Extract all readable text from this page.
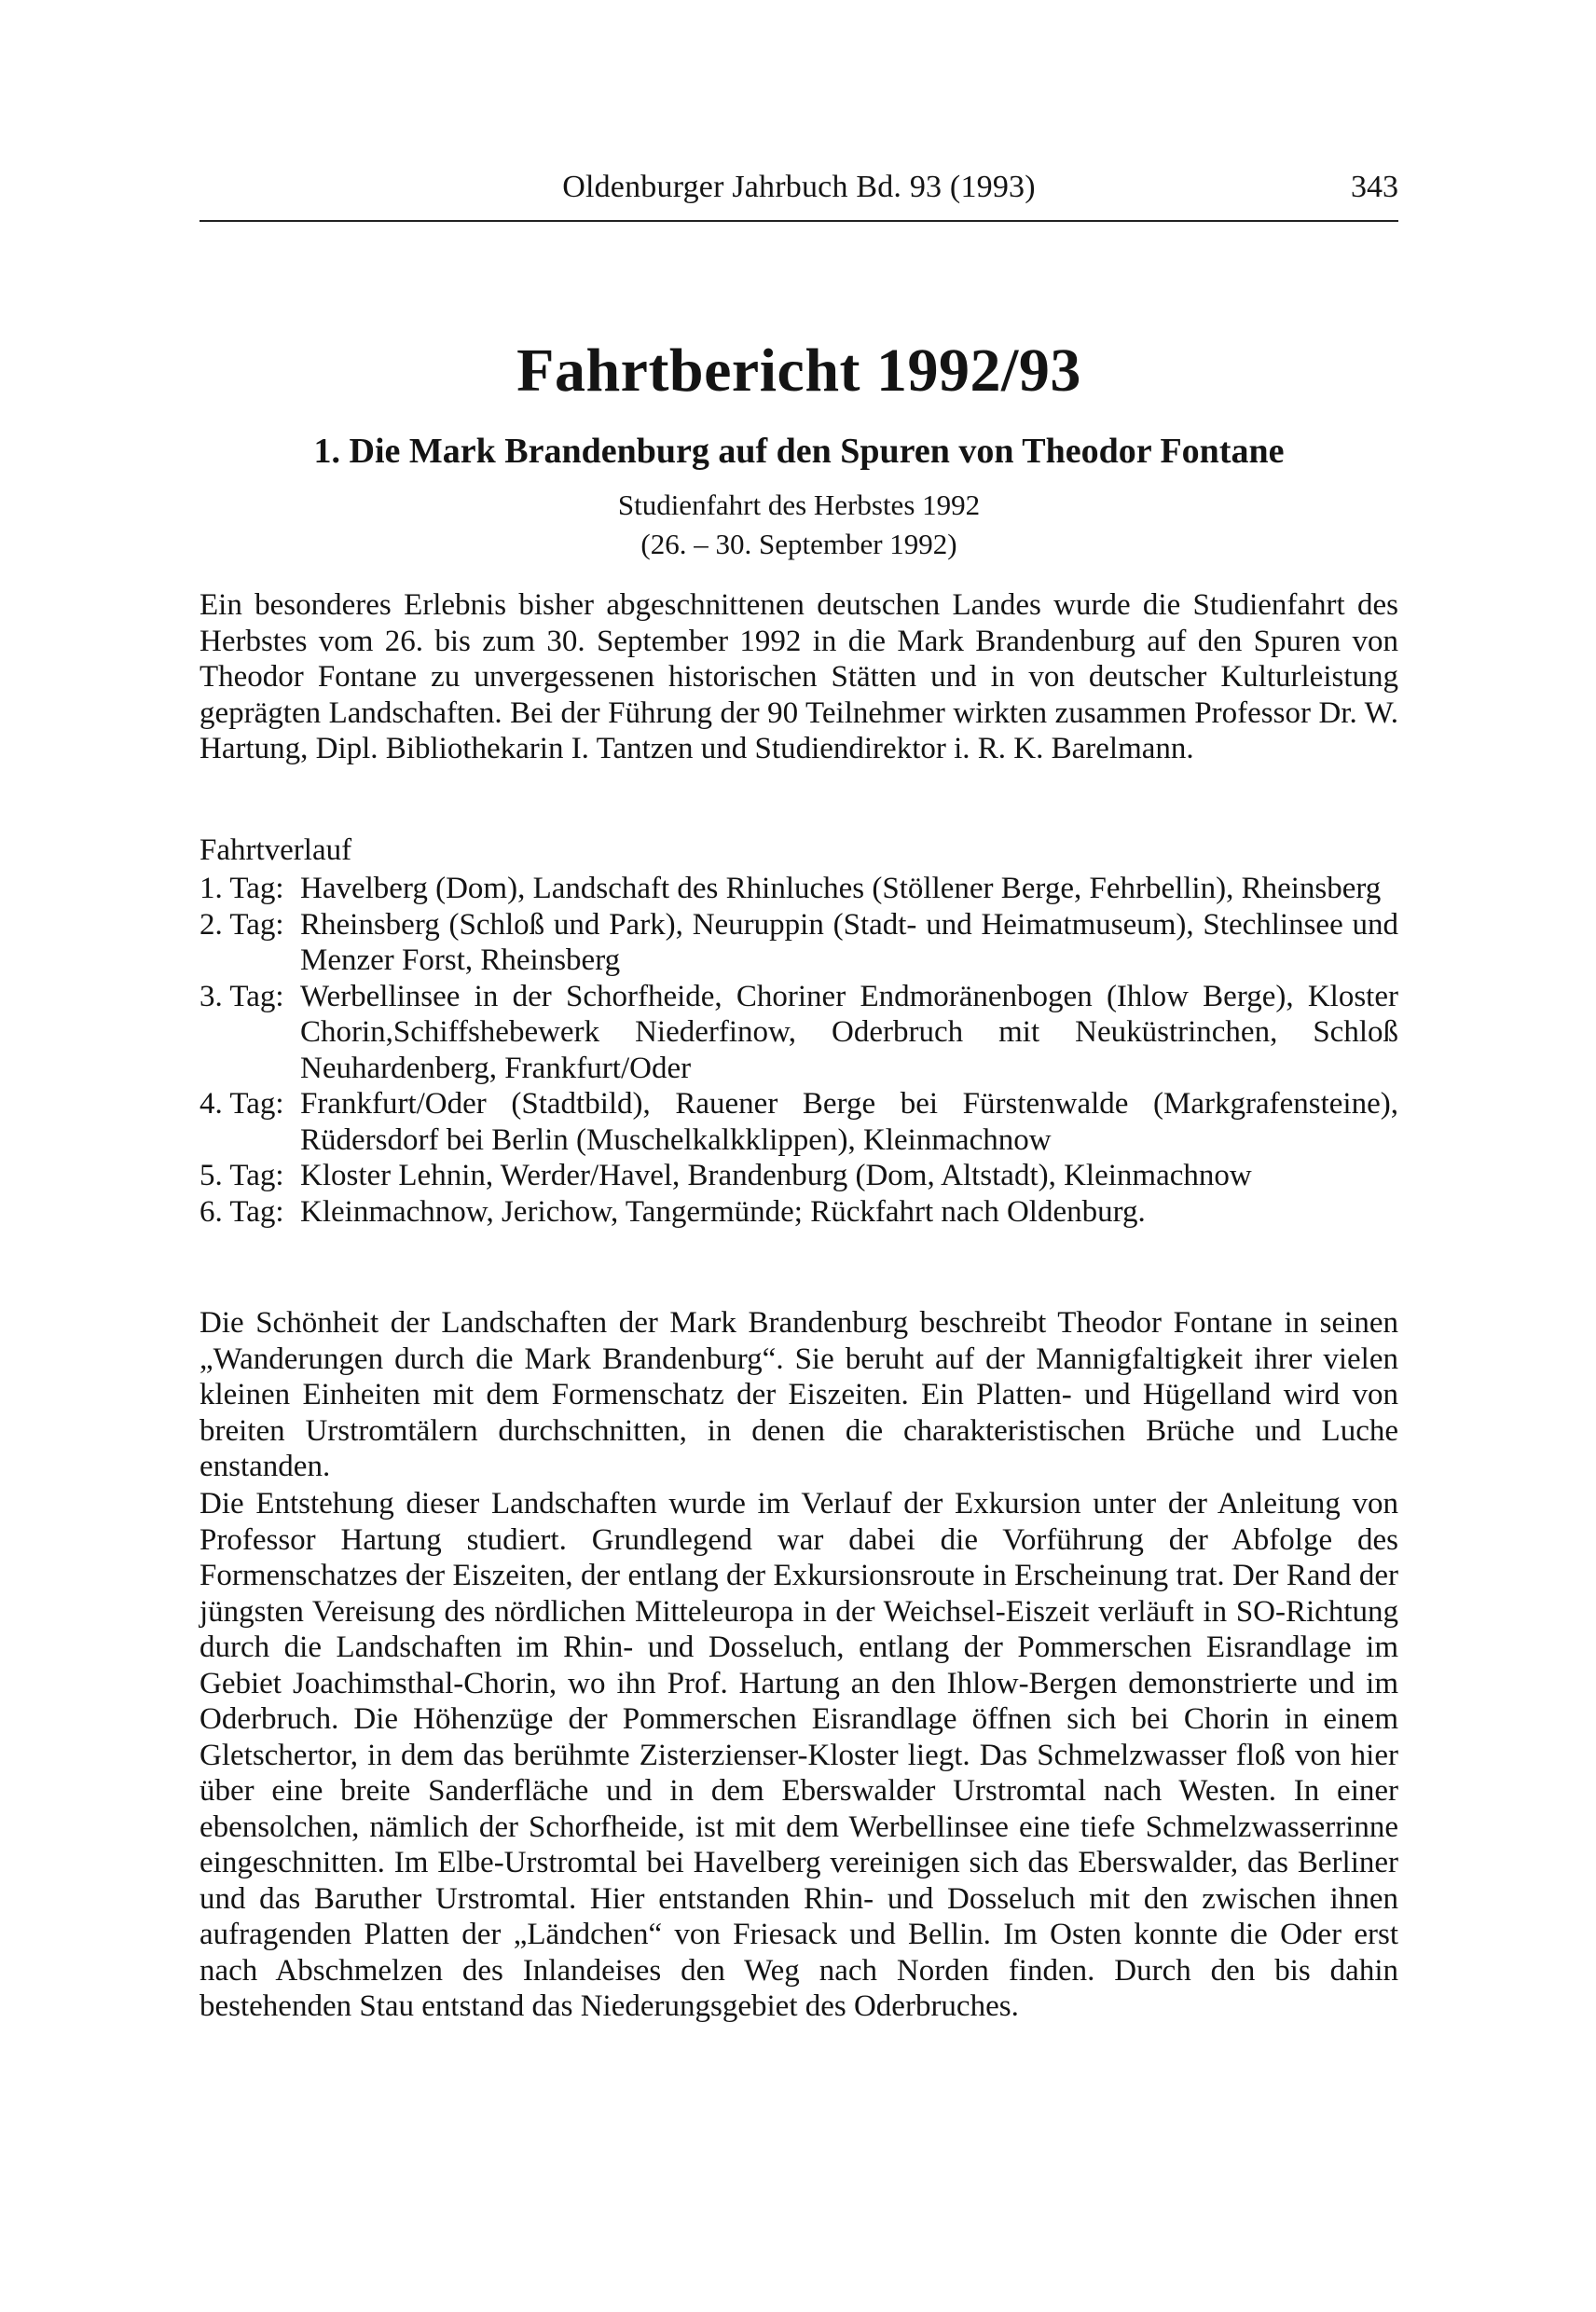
Oldenburger Jahrbuch Bd. 93 (1993)	343
Fahrtbericht 1992/93
1. Die Mark Brandenburg auf den Spuren von Theodor Fontane
Studienfahrt des Herbstes 1992
(26. – 30. September 1992)

Ein besonderes Erlebnis bisher abgeschnittenen deutschen Landes wurde die Studienfahrt des Herbstes vom 26. bis zum 30. September 1992 in die Mark Brandenburg auf den Spuren von Theodor Fontane zu unvergessenen historischen Stätten und in von deutscher Kulturleistung geprägten Landschaften. Bei der Führung der 90 Teilnehmer wirkten zusammen Professor Dr. W. Hartung, Dipl. Bibliothekarin I. Tantzen und Studiendirektor i. R. K. Barelmann.

Fahrtverlauf
1. Tag: Havelberg (Dom), Landschaft des Rhinluches (Stöllener Berge, Fehrbellin), Rheinsberg
2. Tag: Rheinsberg (Schloß und Park), Neuruppin (Stadt- und Heimatmuseum), Stechlinsee und Menzer Forst, Rheinsberg
3. Tag: Werbellinsee in der Schorfheide, Choriner Endmoränenbogen (Ihlow Berge), Kloster Chorin,Schiffshebewerk Niederfinow, Oderbruch mit Neuküstrinchen, Schloß Neuhardenberg, Frankfurt/Oder
4. Tag: Frankfurt/Oder (Stadtbild), Rauener Berge bei Fürstenwalde (Markgrafensteine), Rüdersdorf bei Berlin (Muschelkalkklippen), Kleinmachnow
5. Tag: Kloster Lehnin, Werder/Havel, Brandenburg (Dom, Altstadt), Kleinmachnow
6. Tag: Kleinmachnow, Jerichow, Tangermünde; Rückfahrt nach Oldenburg.

Die Schönheit der Landschaften der Mark Brandenburg beschreibt Theodor Fontane in seinen „Wanderungen durch die Mark Brandenburg“. Sie beruht auf der Mannigfaltigkeit ihrer vielen kleinen Einheiten mit dem Formenschatz der Eiszeiten. Ein Platten- und Hügelland wird von breiten Urstromtälern durchschnitten, in denen die charakteristischen Brüche und Luche enstanden.

Die Entstehung dieser Landschaften wurde im Verlauf der Exkursion unter der Anleitung von Professor Hartung studiert. Grundlegend war dabei die Vorführung der Abfolge des Formenschatzes der Eiszeiten, der entlang der Exkursionsroute in Erscheinung trat. Der Rand der jüngsten Vereisung des nördlichen Mitteleuropa in der Weichsel-Eiszeit verläuft in SO-Richtung durch die Landschaften im Rhin- und Dosseluch, entlang der Pommerschen Eisrandlage im Gebiet Joachimsthal-Chorin, wo ihn Prof. Hartung an den Ihlow-Bergen demonstrierte und im Oderbruch. Die Höhenzüge der Pommerschen Eisrandlage öffnen sich bei Chorin in einem Gletschertor, in dem das berühmte Zisterzienser-Kloster liegt. Das Schmelzwasser floß von hier über eine breite Sanderfläche und in dem Eberswalder Urstromtal nach Westen. In einer ebensolchen, nämlich der Schorfheide, ist mit dem Werbellinsee eine tiefe Schmelzwasserrinne eingeschnitten. Im Elbe-Urstromtal bei Havelberg vereinigen sich das Eberswalder, das Berliner und das Baruther Urstromtal. Hier entstanden Rhin- und Dosseluch mit den zwischen ihnen aufragenden Platten der „Ländchen“ von Friesack und Bellin. Im Osten konnte die Oder erst nach Abschmelzen des Inlandeises den Weg nach Norden finden. Durch den bis dahin bestehenden Stau entstand das Niederungsgebiet des Oderbruches.
